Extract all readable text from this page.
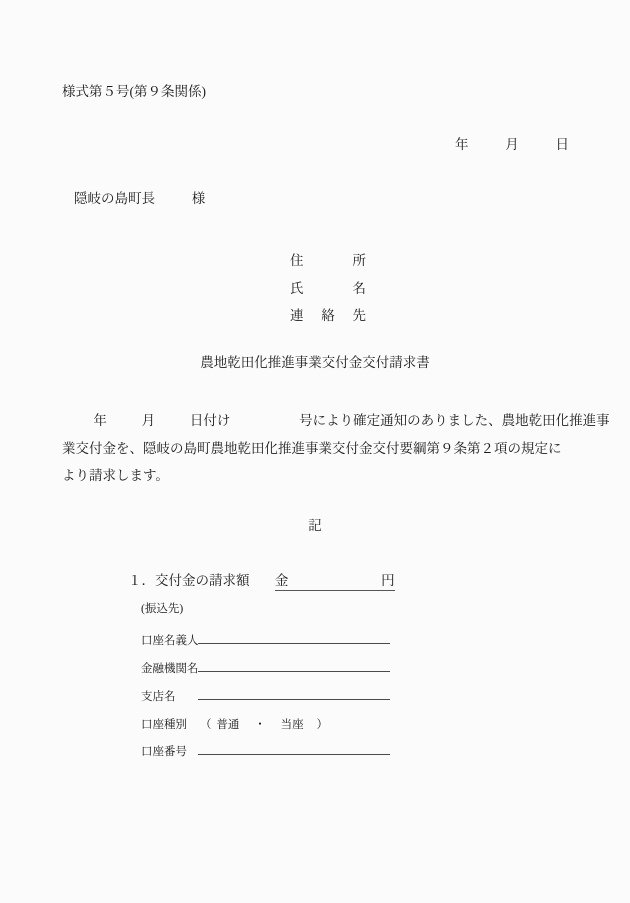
様式第５号(第９条関係)
年	月	日
隠岐の島町長	様
住　　所
氏　　名
連　絡　先
農地乾田化推進事業交付金交付請求書
年	月	日付け	号により確定通知のありました、農地乾田化推進事
業交付金を、隠岐の島町農地乾田化推進事業交付金交付要綱第９条第２項の規定に
より請求します。
記
１．交付金の請求額 金	円
(振込先)
口座名義人
金融機関名
支店名
口座種別 （ 普通 ・ 当座 ）
口座番号
